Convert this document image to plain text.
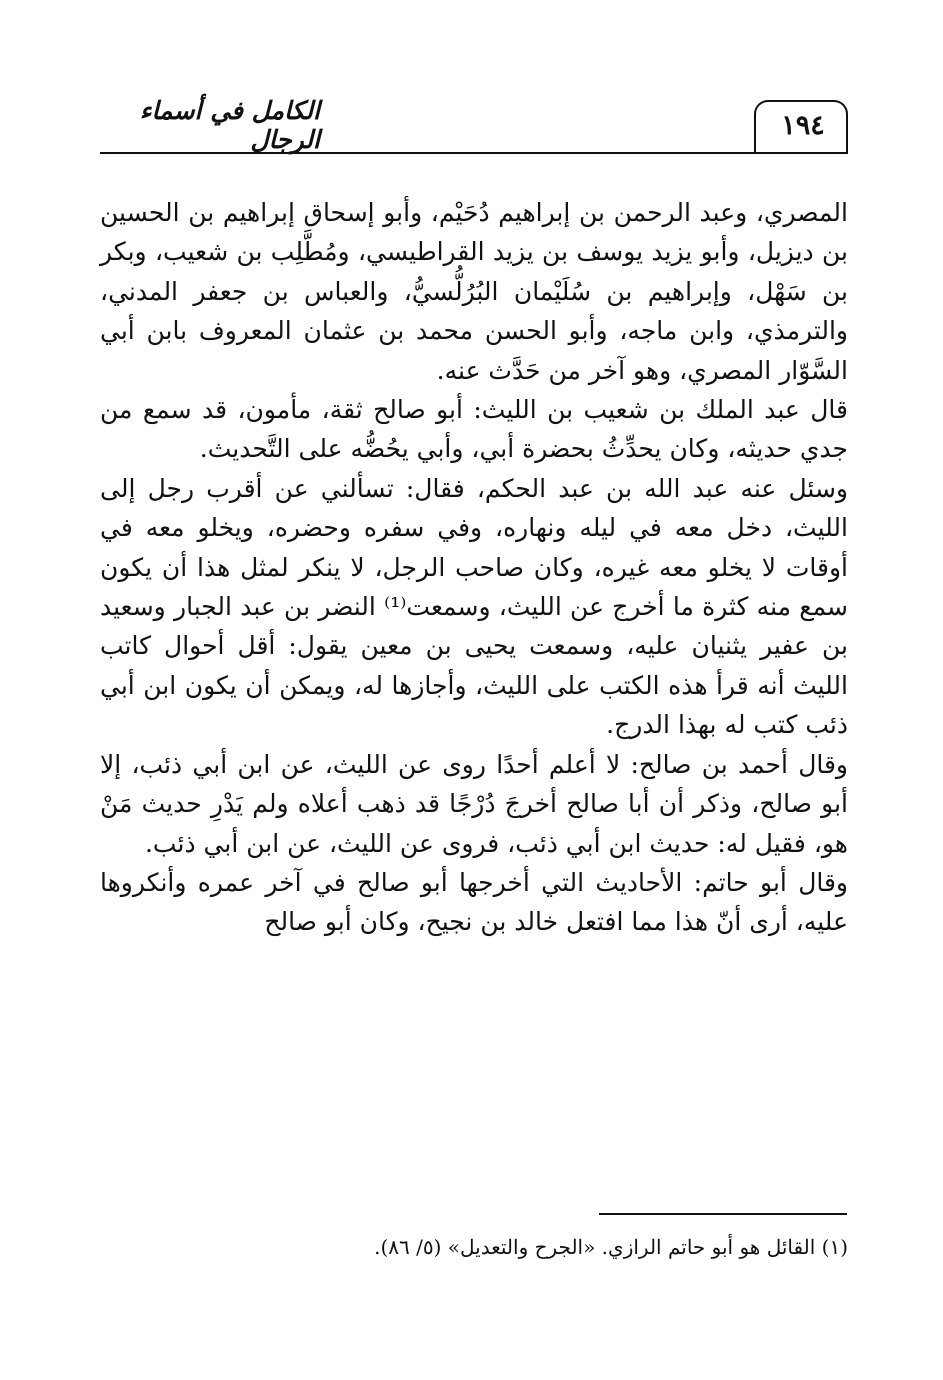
١٩٤
الكامل في أسماء الرجال

المصري، وعبد الرحمن بن إبراهيم دُحَيْم، وأبو إسحاق إبراهيم بن الحسين بن ديزيل، وأبو يزيد يوسف بن يزيد القراطيسي، ومُطَّلِب بن شعيب، وبكر بن سَهْل، وإبراهيم بن سُلَيْمان البُرُلُّسيُّ، والعباس بن جعفر المدني، والترمذي، وابن ماجه، وأبو الحسن محمد بن عثمان المعروف بابن أبي السَّوّار المصري، وهو آخر من حَدَّث عنه.

قال عبد الملك بن شعيب بن الليث: أبو صالح ثقة، مأمون، قد سمع من جدي حديثه، وكان يحدِّثُ بحضرة أبي، وأبي يحُضُّه على التَّحديث.

وسئل عنه عبد الله بن عبد الحكم، فقال: تسألني عن أقرب رجل إلى الليث، دخل معه في ليله ونهاره، وفي سفره وحضره، ويخلو معه في أوقات لا يخلو معه غيره، وكان صاحب الرجل، لا ينكر لمثل هذا أن يكون سمع منه كثرة ما أخرج عن الليث، وسمعت⁽¹⁾ النضر بن عبد الجبار وسعيد بن عفير يثنيان عليه، وسمعت يحيى بن معين يقول: أقل أحوال كاتب الليث أنه قرأ هذه الكتب على الليث، وأجازها له، ويمكن أن يكون ابن أبي ذئب كتب له بهذا الدرج.

وقال أحمد بن صالح: لا أعلم أحدًا روى عن الليث، عن ابن أبي ذئب، إلا أبو صالح، وذكر أن أبا صالح أخرجَ دُرْجًا قد ذهب أعلاه ولم يَدْرِ حديث مَنْ هو، فقيل له: حديث ابن أبي ذئب، فروى عن الليث، عن ابن أبي ذئب.

وقال أبو حاتم: الأحاديث التي أخرجها أبو صالح في آخر عمره وأنكروها عليه، أرى أنّ هذا مما افتعل خالد بن نجيح، وكان أبو صالح

(١) القائل هو أبو حاتم الرازي. «الجرح والتعديل» (٥/ ٨٦).
